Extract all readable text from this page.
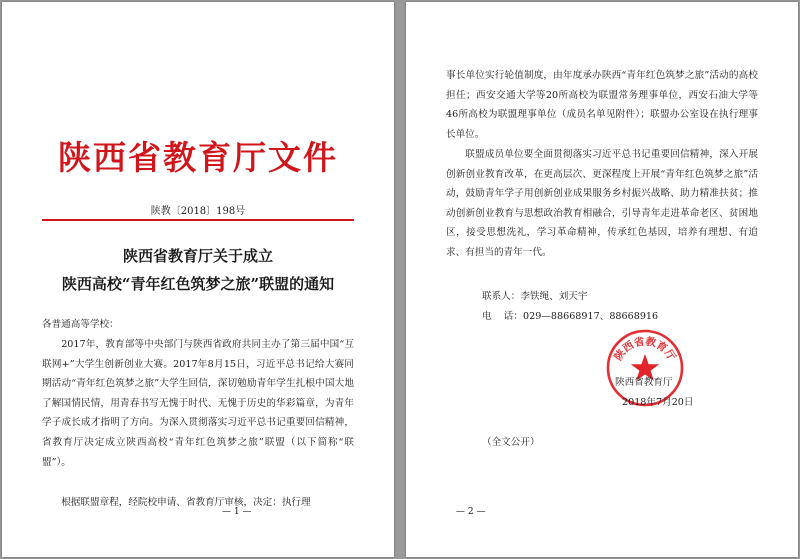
陕西省教育厅文件
陕教〔2018〕198号
陕西省教育厅关于成立
陕西高校“青年红色筑梦之旅”联盟的通知
各普通高等学校：

2017年，教育部等中央部门与陕西省政府共同主办了第三届中国“互联网+”大学生创新创业大赛。2017年8月15日，习近平总书记给大赛同期活动“青年红色筑梦之旅”大学生回信，深切勉励青年学生扎根中国大地了解国情民情，用青春书写无愧于时代、无愧于历史的华彩篇章，为青年学子成长成才指明了方向。为深入贯彻落实习近平总书记重要回信精神，省教育厅决定成立陕西高校“青年红色筑梦之旅”联盟（以下简称“联盟”）。

根据联盟章程，经院校申请、省教育厅审核，决定：执行理

— 1 —

事长单位实行轮值制度，由年度承办陕西“青年红色筑梦之旅”活动的高校担任；西安交通大学等20所高校为联盟常务理事单位，西安石油大学等46所高校为联盟理事单位（成员名单见附件）；联盟办公室设在执行理事长单位。

联盟成员单位要全面贯彻落实习近平总书记重要回信精神，深入开展创新创业教育改革，在更高层次、更深程度上开展“青年红色筑梦之旅”活动，鼓励青年学子用创新创业成果服务乡村振兴战略、助力精准扶贫；推动创新创业教育与思想政治教育相融合，引导青年走进革命老区、贫困地区，接受思想洗礼，学习革命精神，传承红色基因，培养有理想、有追求、有担当的青年一代。

联系人：李铁绳、刘天宇
电    话：029—88668917、88668916
陕西省教育厅
陕西省教育厅
2018年7月20日
（全文公开）
— 2 —
